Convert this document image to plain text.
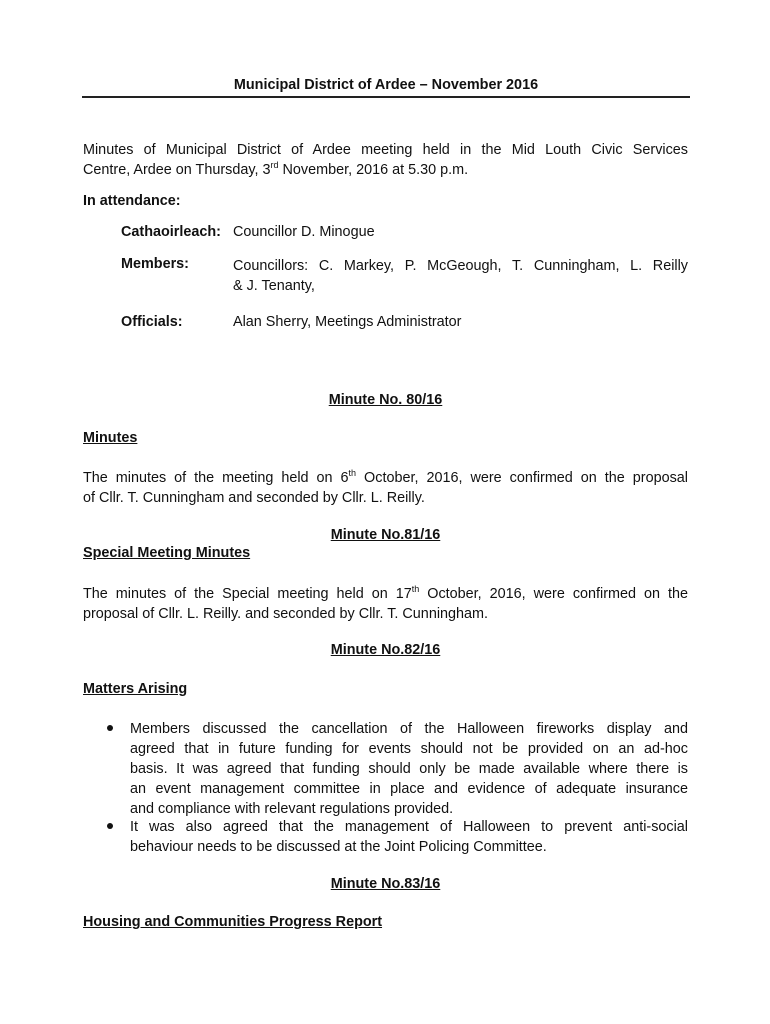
Municipal District of Ardee – November 2016
Minutes of Municipal District of Ardee meeting held in the Mid Louth Civic Services
Centre, Ardee on Thursday, 3rd November, 2016 at 5.30 p.m.
In attendance:
Cathaoirleach: Councillor D. Minogue
Members:	Councillors: C. Markey, P. McGeough, T. Cunningham, L. Reilly
& J. Tenanty,
Officials:	Alan Sherry, Meetings Administrator
Minute No. 80/16
Minutes
The minutes of the meeting held on 6th October, 2016, were confirmed on the proposal
of Cllr. T. Cunningham and seconded by Cllr. L. Reilly.
Minute No.81/16
Special Meeting Minutes
The minutes of the Special meeting held on 17th October, 2016, were confirmed on the
proposal of Cllr. L. Reilly. and seconded by Cllr. T. Cunningham.
Minute No.82/16
Matters Arising
Members discussed the cancellation of the Halloween fireworks display and
agreed that in future funding for events should not be provided on an ad-hoc
basis. It was agreed that funding should only be made available where there is
an event management committee in place and evidence of adequate insurance
and compliance with relevant regulations provided.
It was also agreed that the management of Halloween to prevent anti-social
behaviour needs to be discussed at the Joint Policing Committee.
Minute No.83/16
Housing and Communities Progress Report
